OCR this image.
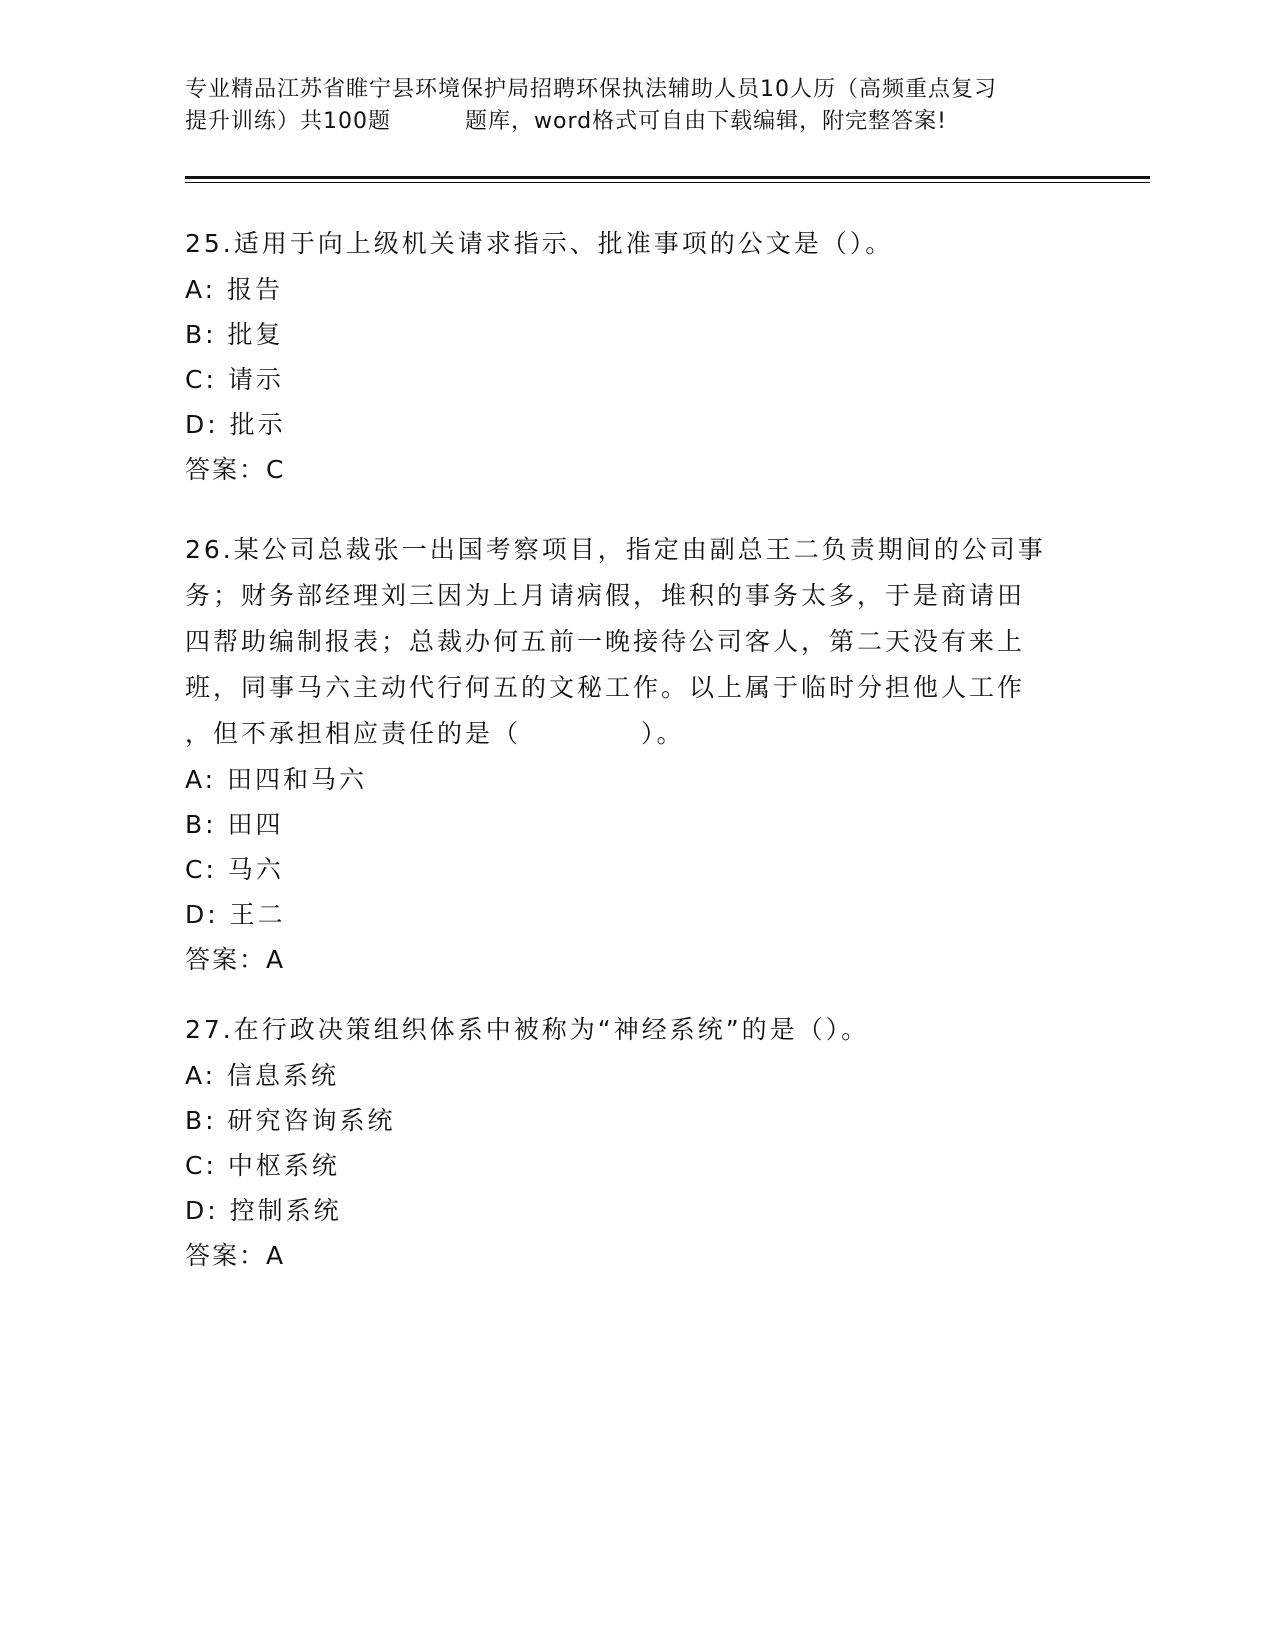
专业精品江苏省睢宁县环境保护局招聘环保执法辅助人员10人历（高频重点复习
提升训练）共100题	题库，word格式可自由下载编辑，附完整答案!
25.适用于向上级机关请求指示、批准事项的公文是（）。
A: 报告
B: 批复
C: 请示
D: 批示
答案：C
26.某公司总裁张一出国考察项目，指定由副总王二负责期间的公司事
务；财务部经理刘三因为上月请病假，堆积的事务太多，于是商请田
四帮助编制报表；总裁办何五前一晚接待公司客人，第二天没有来上
班，同事马六主动代行何五的文秘工作。以上属于临时分担他人工作
，但不承担相应责任的是（	）。
A: 田四和马六
B: 田四
C: 马六
D: 王二
答案：A
27.在行政决策组织体系中被称为“神经系统”的是（）。
A: 信息系统
B: 研究咨询系统
C: 中枢系统
D: 控制系统
答案：A
